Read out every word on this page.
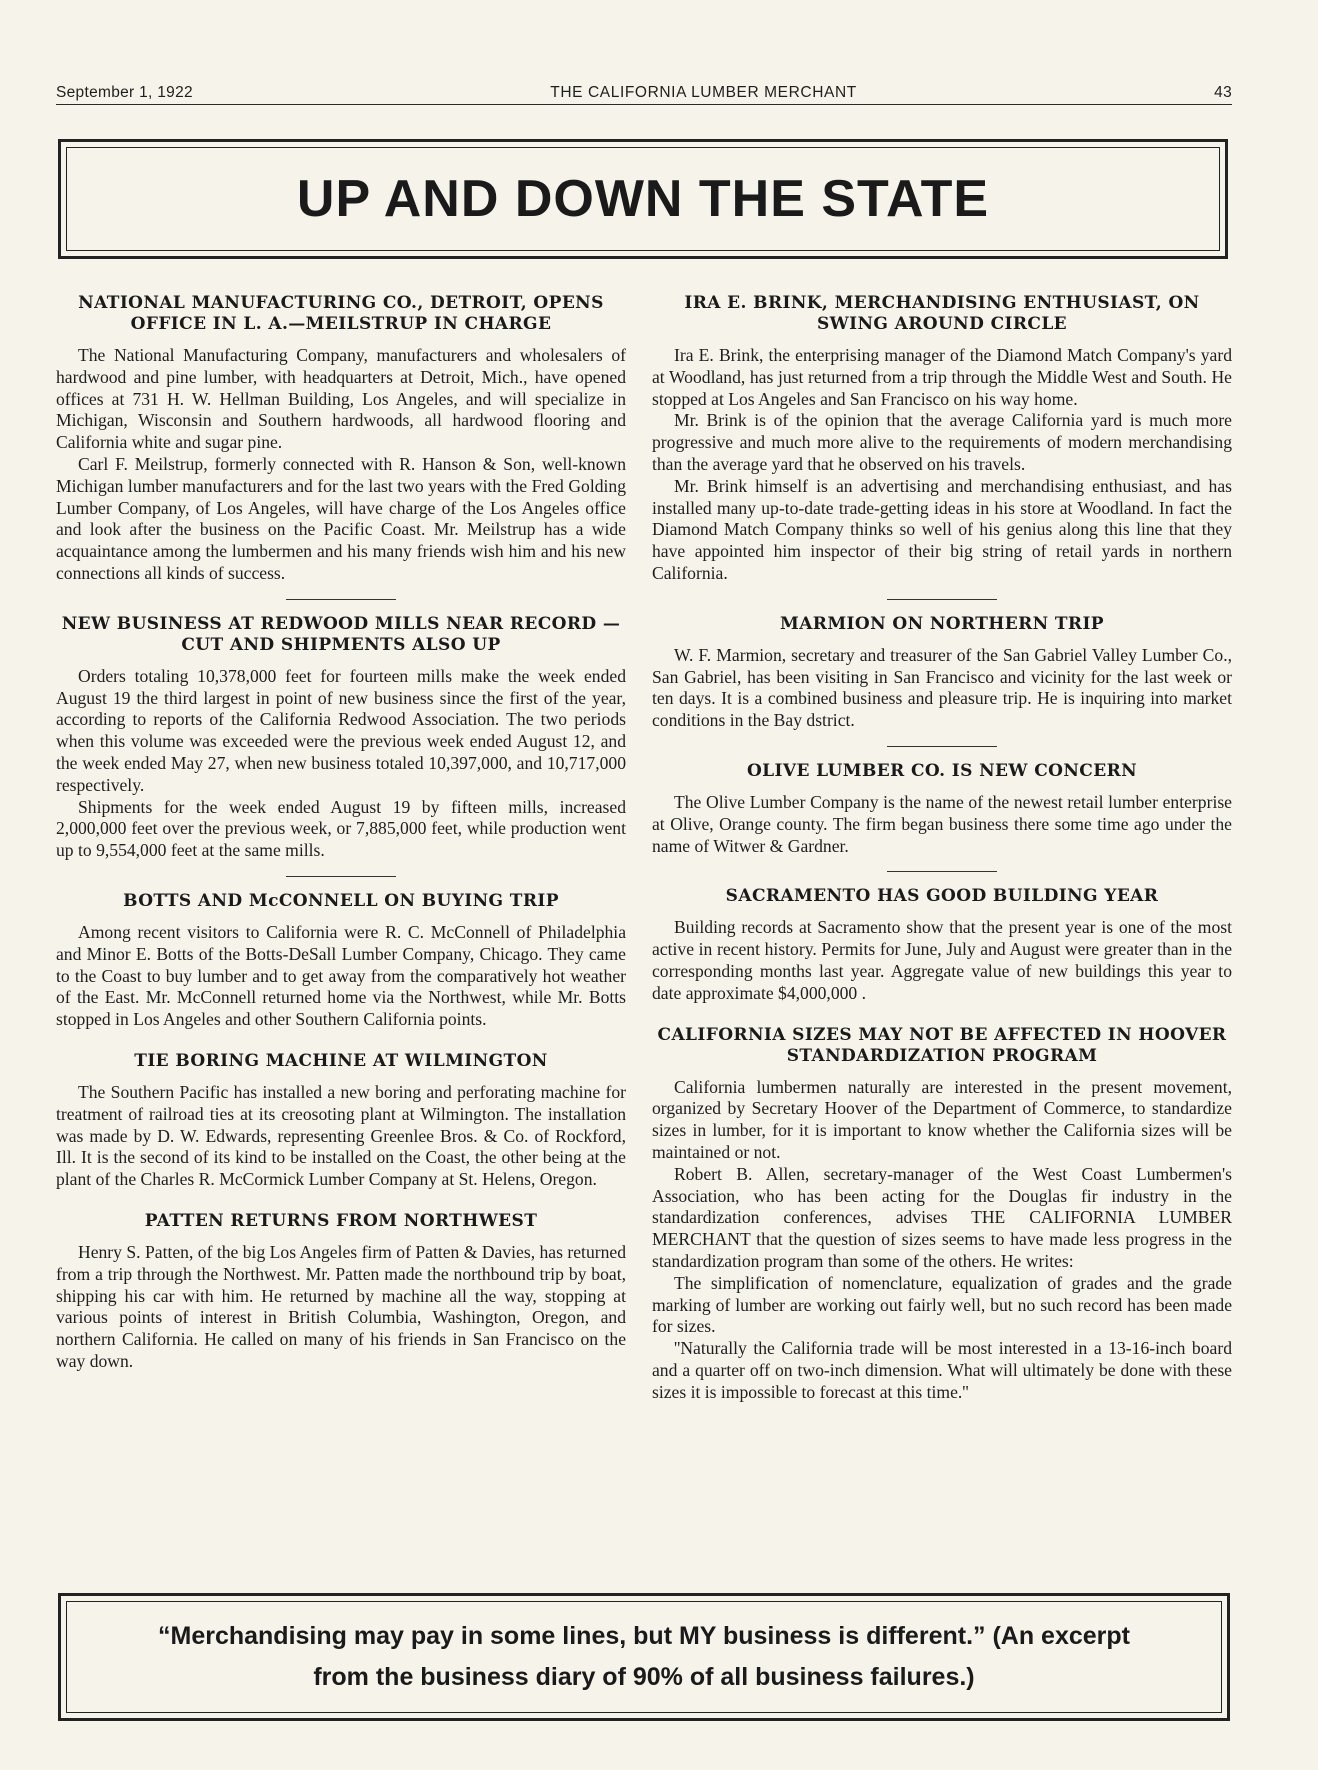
September 1, 1922	THE CALIFORNIA LUMBER MERCHANT	43
UP AND DOWN THE STATE
NATIONAL MANUFACTURING CO., DETROIT, OPENS OFFICE IN L. A.—MEILSTRUP IN CHARGE

The National Manufacturing Company, manufacturers and wholesalers of hardwood and pine lumber, with headquarters at Detroit, Mich., have opened offices at 731 H. W. Hellman Building, Los Angeles, and will specialize in Michigan, Wisconsin and Southern hardwoods, all hardwood flooring and California white and sugar pine.

Carl F. Meilstrup, formerly connected with R. Hanson & Son, well-known Michigan lumber manufacturers and for the last two years with the Fred Golding Lumber Company, of Los Angeles, will have charge of the Los Angeles office and look after the business on the Pacific Coast. Mr. Meilstrup has a wide acquaintance among the lumbermen and his many friends wish him and his new connections all kinds of success.

NEW BUSINESS AT REDWOOD MILLS NEAR RECORD —CUT AND SHIPMENTS ALSO UP

Orders totaling 10,378,000 feet for fourteen mills make the week ended August 19 the third largest in point of new business since the first of the year, according to reports of the California Redwood Association. The two periods when this volume was exceeded were the previous week ended August 12, and the week ended May 27, when new business totaled 10,397,000, and 10,717,000 respectively.

Shipments for the week ended August 19 by fifteen mills, increased 2,000,000 feet over the previous week, or 7,885,000 feet, while production went up to 9,554,000 feet at the same mills.

BOTTS AND McCONNELL ON BUYING TRIP

Among recent visitors to California were R. C. McConnell of Philadelphia and Minor E. Botts of the Botts-DeSall Lumber Company, Chicago. They came to the Coast to buy lumber and to get away from the comparatively hot weather of the East. Mr. McConnell returned home via the Northwest, while Mr. Botts stopped in Los Angeles and other Southern California points.

TIE BORING MACHINE AT WILMINGTON

The Southern Pacific has installed a new boring and perforating machine for treatment of railroad ties at its creosoting plant at Wilmington. The installation was made by D. W. Edwards, representing Greenlee Bros. & Co. of Rockford, Ill. It is the second of its kind to be installed on the Coast, the other being at the plant of the Charles R. McCormick Lumber Company at St. Helens, Oregon.

PATTEN RETURNS FROM NORTHWEST

Henry S. Patten, of the big Los Angeles firm of Patten & Davies, has returned from a trip through the Northwest. Mr. Patten made the northbound trip by boat, shipping his car with him. He returned by machine all the way, stopping at various points of interest in British Columbia, Washington, Oregon, and northern California. He called on many of his friends in San Francisco on the way down.

IRA E. BRINK, MERCHANDISING ENTHUSIAST, ON SWING AROUND CIRCLE

Ira E. Brink, the enterprising manager of the Diamond Match Company's yard at Woodland, has just returned from a trip through the Middle West and South. He stopped at Los Angeles and San Francisco on his way home.

Mr. Brink is of the opinion that the average California yard is much more progressive and much more alive to the requirements of modern merchandising than the average yard that he observed on his travels.

Mr. Brink himself is an advertising and merchandising enthusiast, and has installed many up-to-date trade-getting ideas in his store at Woodland. In fact the Diamond Match Company thinks so well of his genius along this line that they have appointed him inspector of their big string of retail yards in northern California.

MARMION ON NORTHERN TRIP

W. F. Marmion, secretary and treasurer of the San Gabriel Valley Lumber Co., San Gabriel, has been visiting in San Francisco and vicinity for the last week or ten days. It is a combined business and pleasure trip. He is inquiring into market conditions in the Bay dstrict.

OLIVE LUMBER CO. IS NEW CONCERN

The Olive Lumber Company is the name of the newest retail lumber enterprise at Olive, Orange county. The firm began business there some time ago under the name of Witwer & Gardner.

SACRAMENTO HAS GOOD BUILDING YEAR

Building records at Sacramento show that the present year is one of the most active in recent history. Permits for June, July and August were greater than in the corresponding months last year. Aggregate value of new buildings this year to date approximate $4,000,000 .

CALIFORNIA SIZES MAY NOT BE AFFECTED IN HOOVER STANDARDIZATION PROGRAM

California lumbermen naturally are interested in the present movement, organized by Secretary Hoover of the Department of Commerce, to standardize sizes in lumber, for it is important to know whether the California sizes will be maintained or not.

Robert B. Allen, secretary-manager of the West Coast Lumbermen's Association, who has been acting for the Douglas fir industry in the standardization conferences, advises THE CALIFORNIA LUMBER MERCHANT that the question of sizes seems to have made less progress in the standardization program than some of the others. He writes:

The simplification of nomenclature, equalization of grades and the grade marking of lumber are working out fairly well, but no such record has been made for sizes.

''Naturally the California trade will be most interested in a 13-16-inch board and a quarter off on two-inch dimension. What will ultimately be done with these sizes it is impossible to forecast at this time.''

“Merchandising may pay in some lines, but MY business is different.” (An excerpt from the business diary of 90% of all business failures.)
